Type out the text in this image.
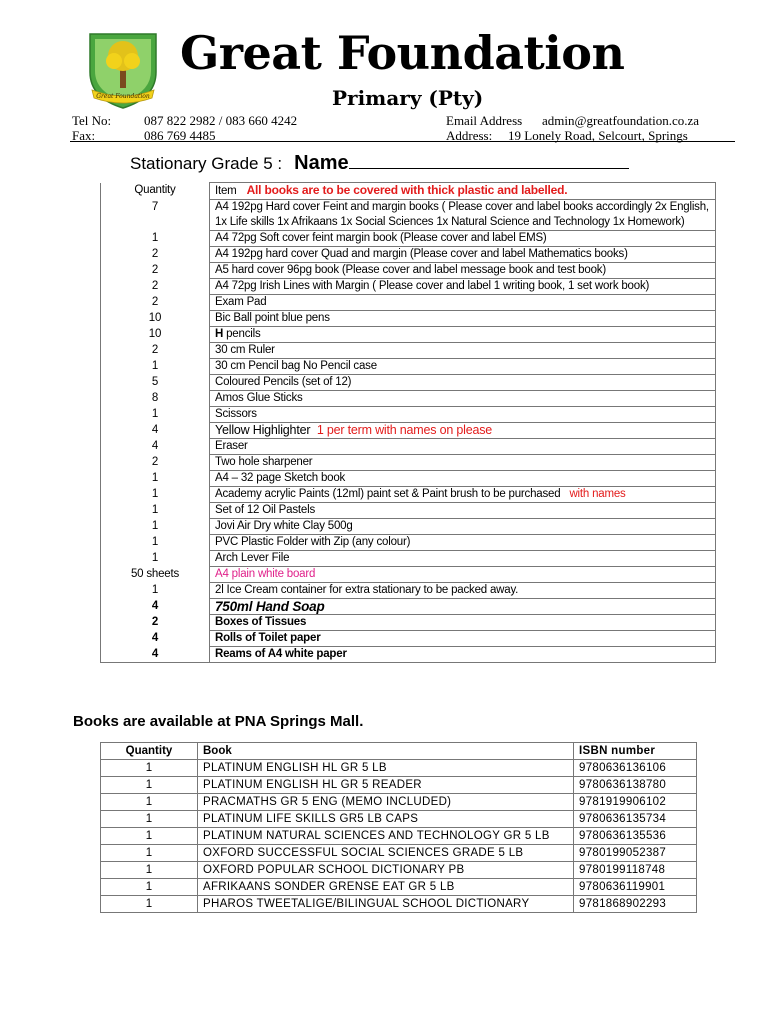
Great Foundation
Great Foundation
Primary (Pty)
Tel No:	087 822 2982 / 083 660 4242
Fax:	086 769 4485
Email Address admin@greatfoundation.co.za
Address: 19 Lonely Road, Selcourt, Springs
Stationary Grade 5 : Name
Quantity	Item All books are to be covered with thick plastic and labelled.
7	A4 192pg Hard cover Feint and margin books ( Please cover and label books accordingly 2x English, 1x Life skills 1x Afrikaans 1x Social Sciences 1x Natural Science and Technology 1x Homework)
1	A4 72pg Soft cover feint margin book (Please cover and label EMS)
2	A4 192pg hard cover Quad and margin (Please cover and label Mathematics books)
2	A5 hard cover 96pg book (Please cover and label message book and test book)
2	A4 72pg Irish Lines with Margin ( Please cover and label 1 writing book, 1 set work book)
2	Exam Pad
10	Bic Ball point blue pens
10	H pencils
2	30 cm Ruler
1	30 cm Pencil bag No Pencil case
5	Coloured Pencils (set of 12)
8	Amos Glue Sticks
1	Scissors
4	Yellow Highlighter 1 per term with names on please
4	Eraser
2	Two hole sharpener
1	A4 – 32 page Sketch book
1	Academy acrylic Paints (12ml) paint set & Paint brush to be purchased with names
1	Set of 12 Oil Pastels
1	Jovi Air Dry white Clay 500g
1	PVC Plastic Folder with Zip (any colour)
1	Arch Lever File
50 sheets	A4 plain white board
1	2l Ice Cream container for extra stationary to be packed away.
4	750ml Hand Soap
2	Boxes of Tissues
4	Rolls of Toilet paper
4	Reams of A4 white paper
Books are available at PNA Springs Mall.
Quantity	Book	ISBN number
1	PLATINUM ENGLISH HL GR 5 LB	9780636136106
1	PLATINUM ENGLISH HL GR 5 READER	9780636138780
1	PRACMATHS GR 5 ENG (MEMO INCLUDED)	9781919906102
1	PLATINUM LIFE SKILLS GR5 LB CAPS	9780636135734
1	PLATINUM NATURAL SCIENCES AND TECHNOLOGY GR 5 LB	9780636135536
1	OXFORD SUCCESSFUL SOCIAL SCIENCES GRADE 5 LB	9780199052387
1	OXFORD POPULAR SCHOOL DICTIONARY PB	9780199118748
1	AFRIKAANS SONDER GRENSE EAT GR 5 LB	9780636119901
1	PHAROS TWEETALIGE/BILINGUAL SCHOOL DICTIONARY	9781868902293
